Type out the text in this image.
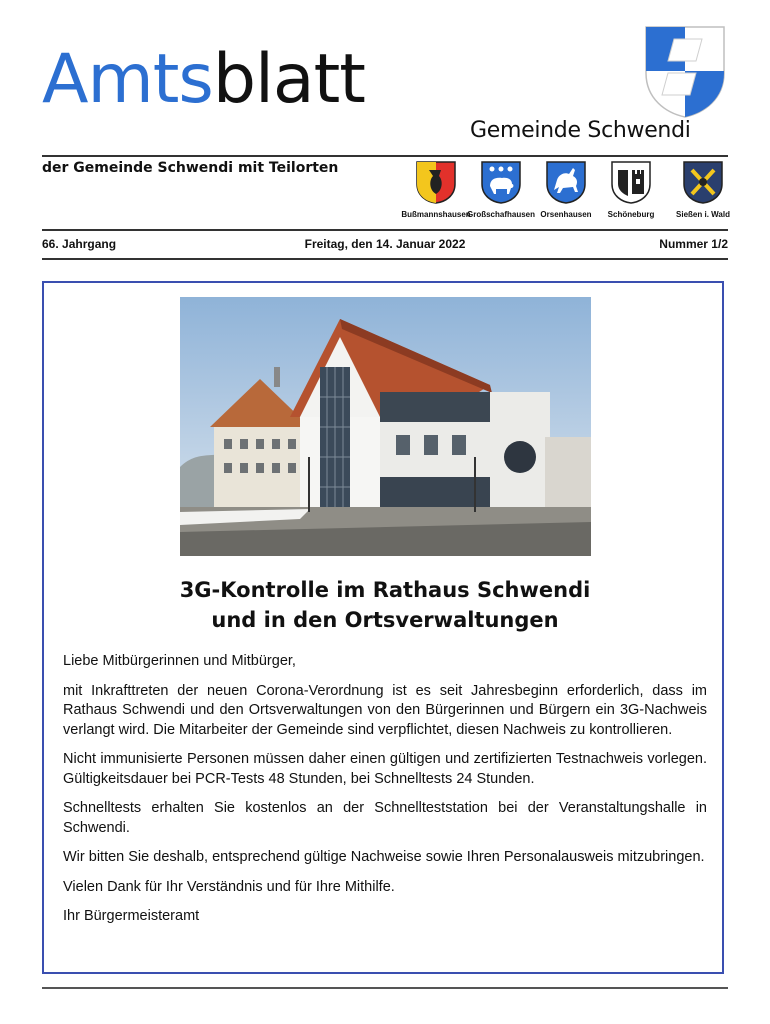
Amtsblatt
Gemeinde Schwendi
der Gemeinde Schwendi mit Teilorten
Bußmannshausen
Großschafhausen Orsenhausen	Schöneburg	Sießen i. Wald
66. Jahrgang	Freitag, den 14. Januar 2022	Nummer 1/2
3G-Kontrolle im Rathaus Schwendi
und in den Ortsverwaltungen

Liebe Mitbürgerinnen und Mitbürger,

mit Inkrafttreten der neuen Corona-Verordnung ist es seit Jahresbeginn erforderlich, dass im Rathaus Schwendi und den Ortsverwaltungen von den Bürgerinnen und Bürgern ein 3G-Nachweis verlangt wird. Die Mitarbeiter der Gemeinde sind verpflichtet, diesen Nachweis zu kontrollieren.

Nicht immunisierte Personen müssen daher einen gültigen und zertifizierten Testnachweis vorlegen. Gültigkeitsdauer bei PCR-Tests 48 Stunden, bei Schnelltests 24 Stunden.

Schnelltests erhalten Sie kostenlos an der Schnellteststation bei der Veranstaltungshalle in Schwendi.

Wir bitten Sie deshalb, entsprechend gültige Nachweise sowie Ihren Personalausweis mitzubringen.

Vielen Dank für Ihr Verständnis und für Ihre Mithilfe.

Ihr Bürgermeisteramt
